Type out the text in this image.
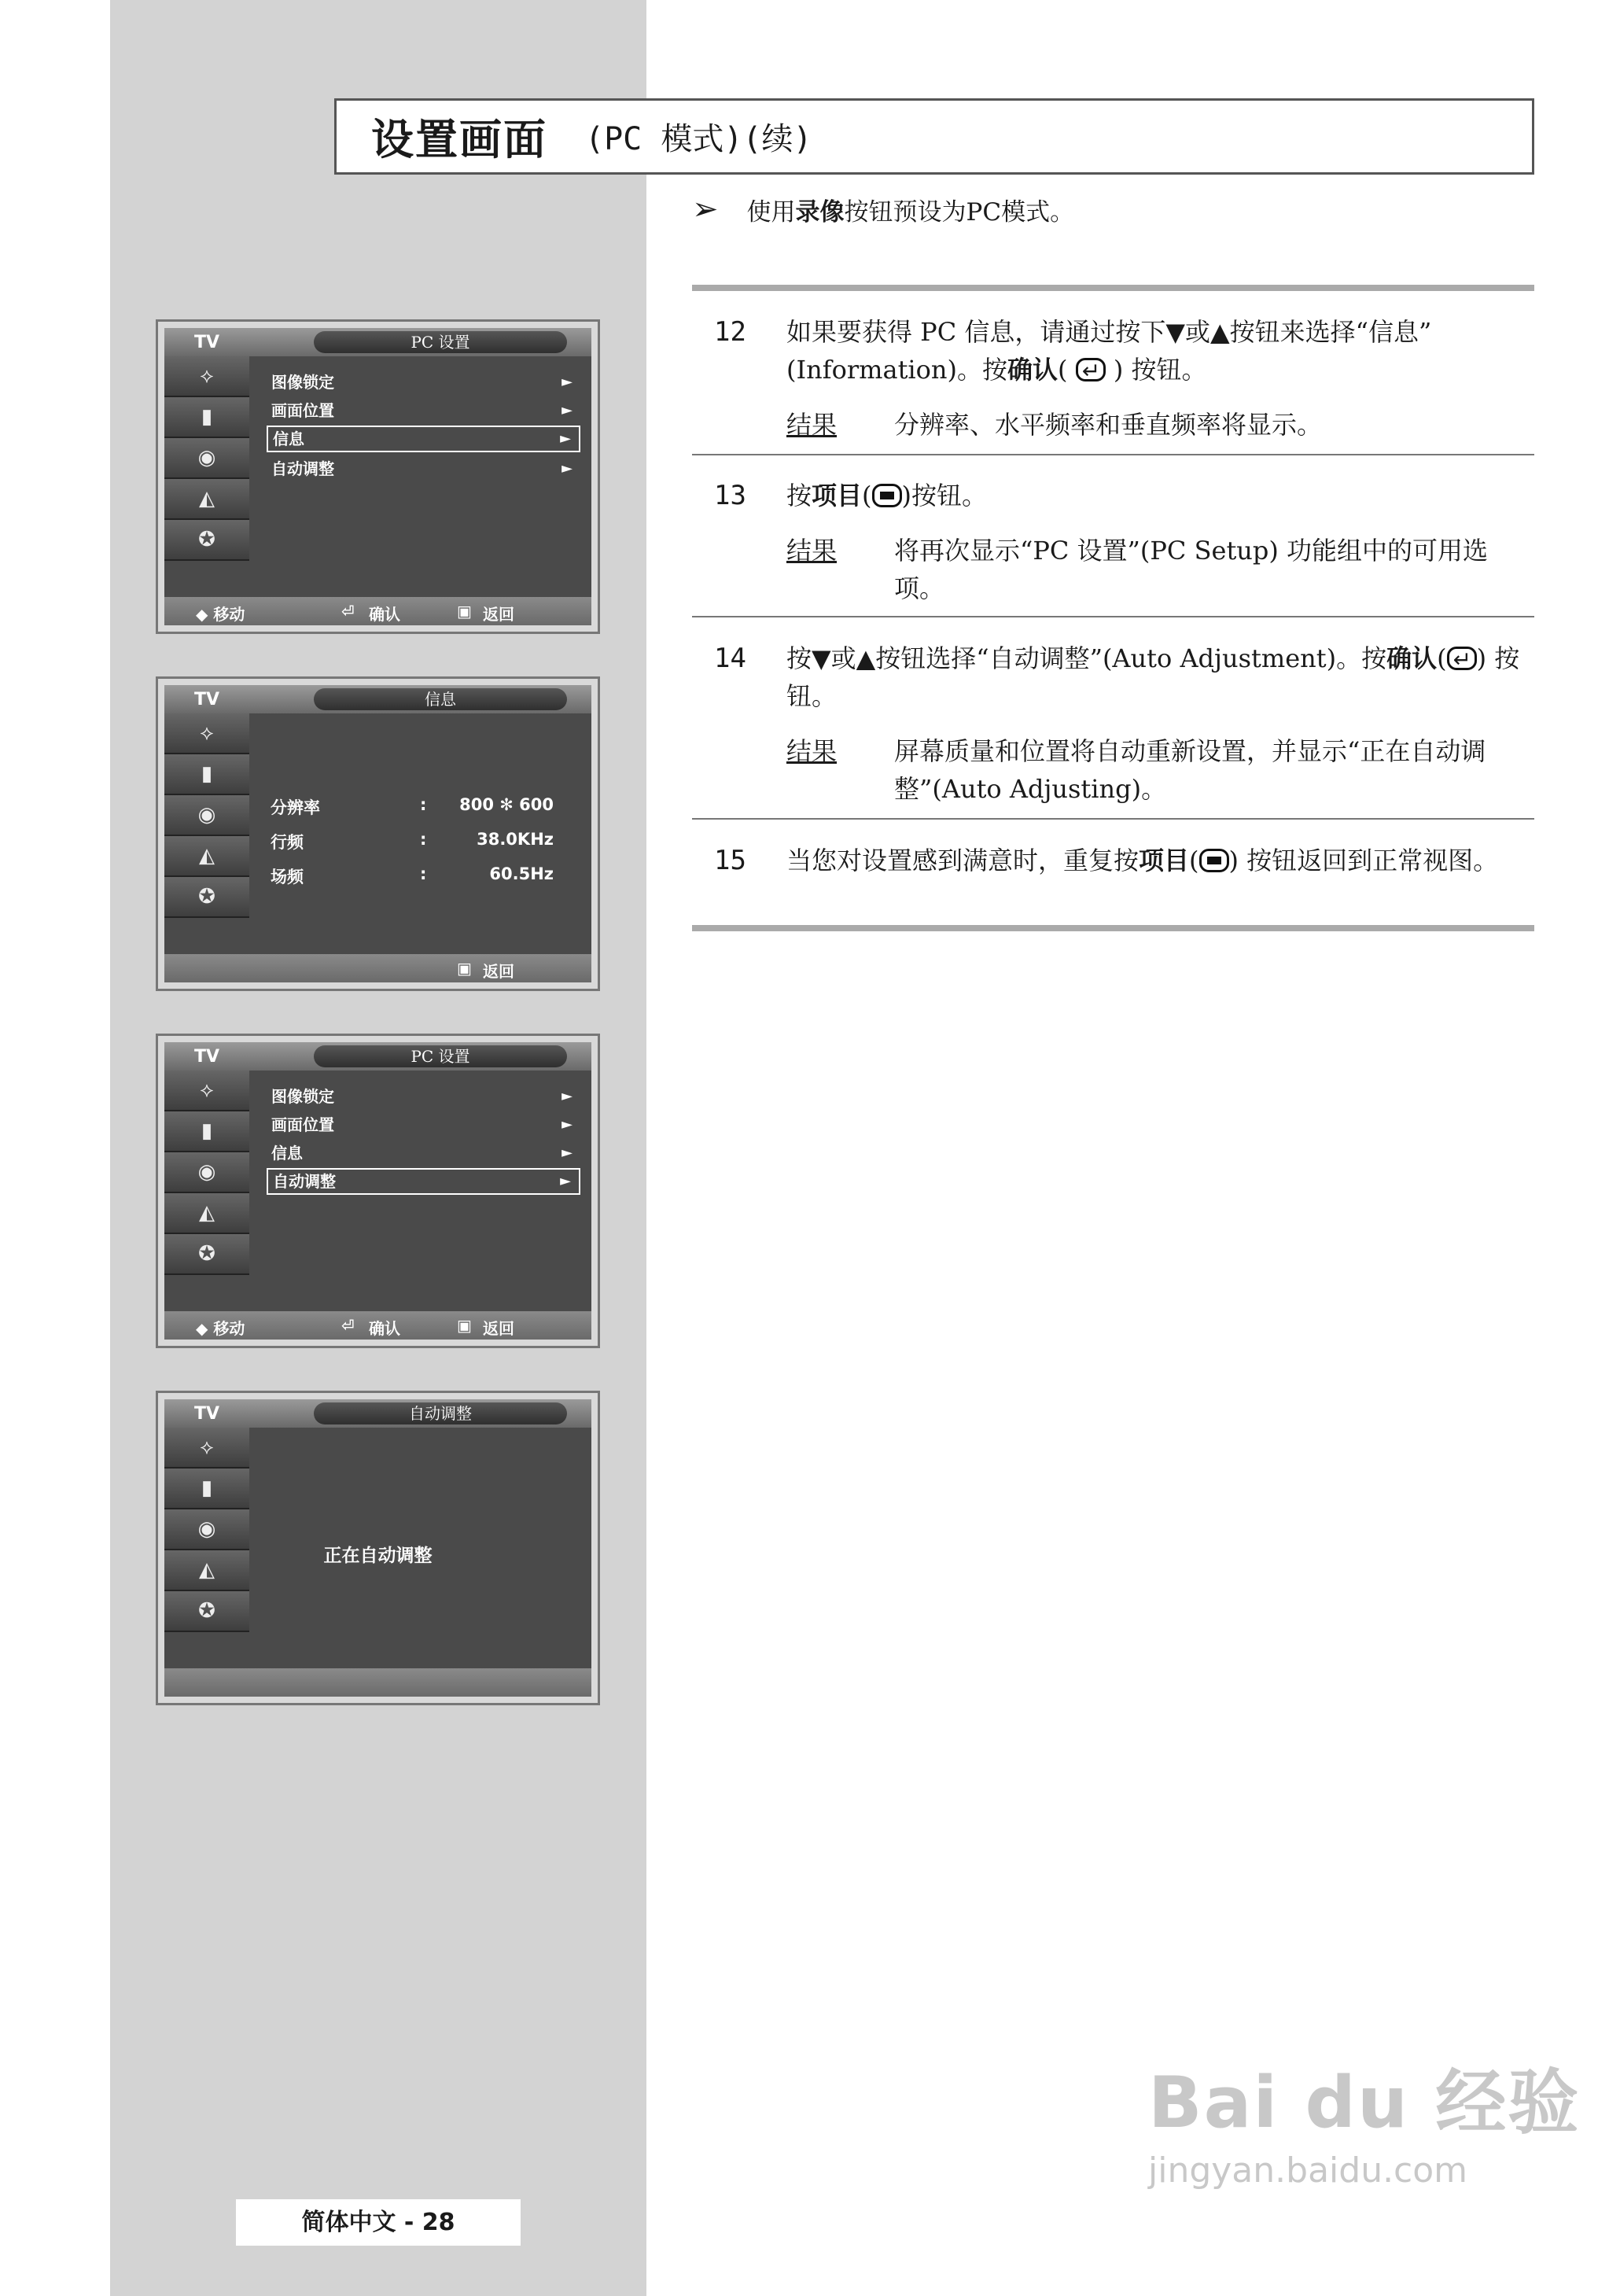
设置画面 (PC 模式)(续)
➢ 使用 录像 按钮预设为PC模式。
12 如果要获得 PC 信息，请通过按下▼或▲按钮来选择“信息”
(Information)。按确认( ↵ ) 按钮。
结果	分辨率、水平频率和垂直频率将显示。
13 按项目( )按钮。
结果	将再次显示“PC 设置”(PC Setup) 功能组中的可用选项。
14 按▼或▲按钮选择“自动调整”(Auto Adjustment)。按确认(↵ ) 按钮。
结果	屏幕质量和位置将自动重新设置，并显示“正在自动调整”(Auto Adjusting)。
15 当您对设置感到满意时，重复按项目( ) 按钮返回到正常视图。
TV	PC 设置
⟡
▮
◉
◭
✪
图像锁定	►
画面位置	►
信息	►
自动调整	►
◆ 移动	⏎ 确认	▣ 返回
TV	信息
⟡
▮
◉
◭
✪
分辨率	:	800 ✻ 600
行频	:	38.0KHz
场频	:	60.5Hz
▣ 返回
TV	PC 设置
⟡
▮
◉
◭
✪
图像锁定	►
画面位置	►
信息	►
自动调整	►
◆ 移动	⏎ 确认	▣ 返回
TV	自动调整
⟡
▮
◉
◭
✪
正在自动调整
简体中文 - 28
Bai du 经验
jingyan.baidu.com
